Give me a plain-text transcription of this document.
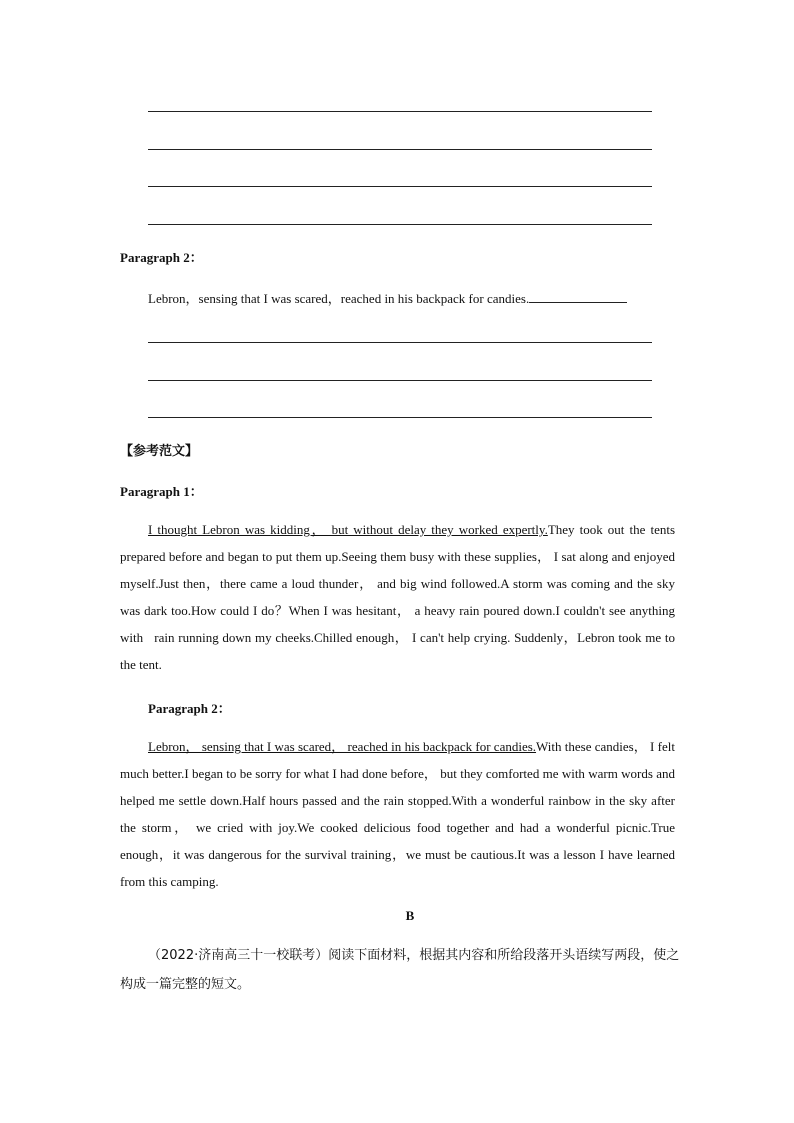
Paragraph 2：
Lebron，sensing that I was scared，reached in his backpack for candies.
【参考范文】
Paragraph 1：

I thought Lebron was kidding， but without delay they worked expertly.They took out the tents prepared before and began to put them up.Seeing them busy with these supplies， I sat along and enjoyed myself.Just then，there came a loud thunder， and big wind followed.A storm was coming and the sky was dark too.How could I do？When I was hesitant， a heavy rain poured down.I couldn't see anything with   rain running down my cheeks.Chilled enough， I can't help crying. Suddenly，Lebron took me to the tent.

Paragraph 2：

Lebron， sensing that I was scared， reached in his backpack for candies.With these candies， I felt much better.I began to be sorry for what I had done before， but they comforted me with warm words and helped me settle down.Half hours passed and the rain stopped.With a wonderful rainbow in the sky after the storm， we cried with joy.We cooked delicious food together and had a wonderful picnic.True enough，it was dangerous for the survival training，we must be cautious.It was a lesson I have learned from this camping.

B

（2022·济南高三十一校联考）阅读下面材料，根据其内容和所给段落开头语续写两段，使之构成一篇完整的短文。
